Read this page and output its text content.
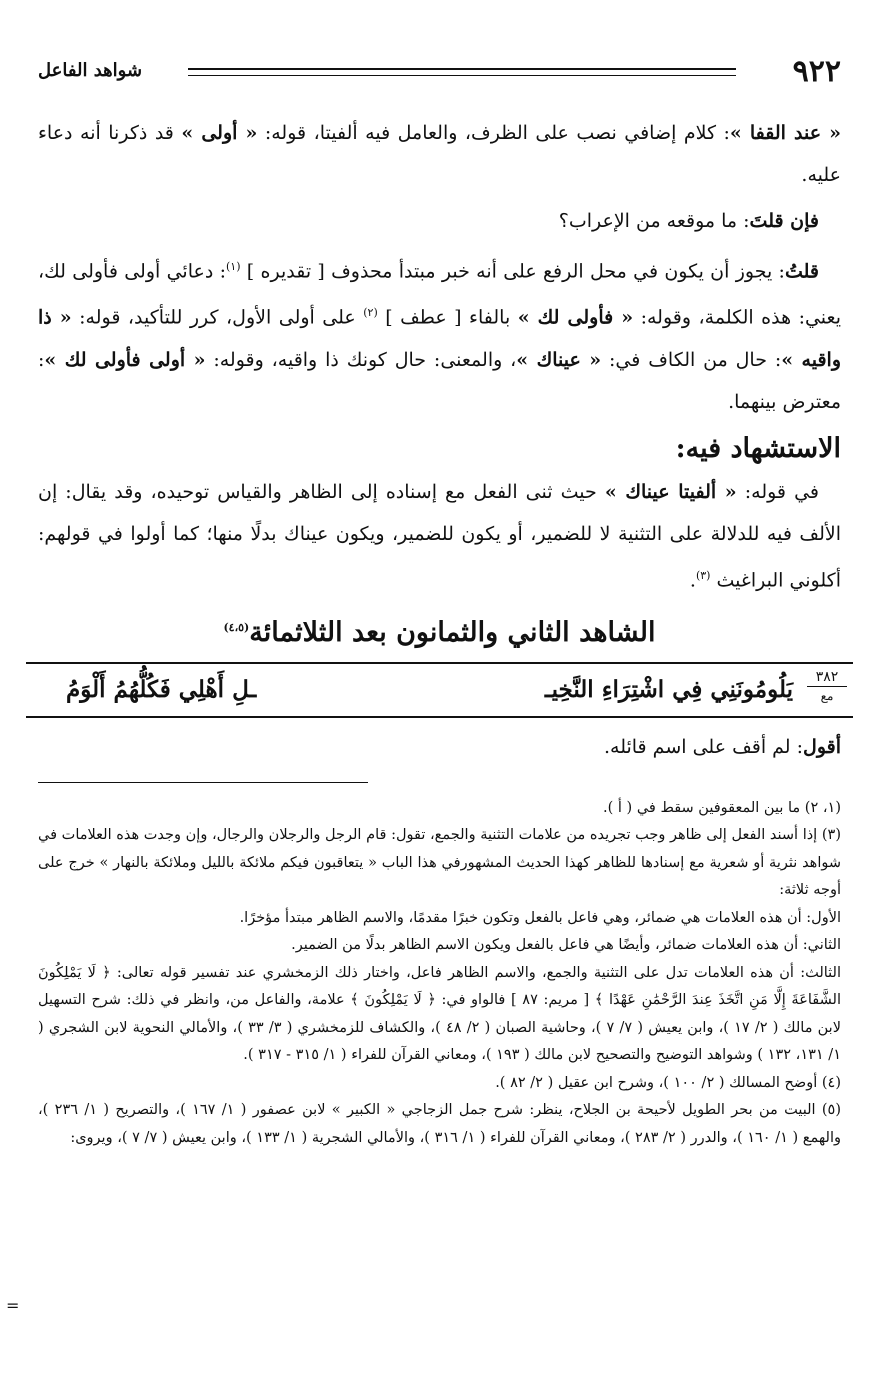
٩٢٢
شواهد الفاعل

« عند القفا »: كلام إضافي نصب على الظرف، والعامل فيه ألفيتا، قوله: « أولى » قد ذكرنا أنه دعاء عليه.

فإن قلتَ: ما موقعه من الإعراب؟

قلتُ: يجوز أن يكون في محل الرفع على أنه خبر مبتدأ محذوف [ تقديره ] $^{(١)}$: دعائي أولى فأولى لك، يعني: هذه الكلمة، وقوله: « فأولى لك » بالفاء [ عطف ] $^{(٢)}$ على أولى الأول، كرر للتأكيد، قوله: « ذا واقيه »: حال من الكاف في: « عيناك »، والمعنى: حال كونك ذا واقيه، وقوله: « أولى فأولى لك »: معترض بينهما.

الاستشهاد فيه:

في قوله: « ألفيتا عيناك » حيث ثنى الفعل مع إسناده إلى الظاهر والقياس توحيده، وقد يقال: إن الألف فيه للدلالة على التثنية لا للضمير، أو يكون للضمير، ويكون عيناك بدلًا منها؛ كما أولوا في قولهم: أكلوني البراغيث $^{(٣)}$.

الشاهد الثاني والثمانون بعد الثلاثمائة$^{(٤،٥)}$
٣٨٢
مع
يَلُومُونَنِي فِي اشْتِرَاءِ النَّخِيـ
ـلِ أَهْلِي فَكُلُّهُمُ أَلْوَمُ

أقول: لم أقف على اسم قائله.

(١، ٢) ما بين المعقوفين سقط في ( أ ).

(٣) إذا أسند الفعل إلى ظاهر وجب تجريده من علامات التثنية والجمع، تقول: قام الرجل والرجلان والرجال، وإن وجدت هذه العلامات في شواهد نثرية أو شعرية مع إسنادها للظاهر كهذا الحديث المشهورفي هذا الباب « يتعاقبون فيكم ملائكة بالليل وملائكة بالنهار » خرج على أوجه ثلاثة:

الأول: أن هذه العلامات هي ضمائر، وهي فاعل بالفعل وتكون خبرًا مقدمًا، والاسم الظاهر مبتدأ مؤخرًا.

الثاني: أن هذه العلامات ضمائر، وأيضًا هي فاعل بالفعل ويكون الاسم الظاهر بدلًا من الضمير.

الثالث: أن هذه العلامات تدل على التثنية والجمع، والاسم الظاهر فاعل، واختار ذلك الزمخشري عند تفسير قوله تعالى: ﴿ لَا يَمْلِكُونَ الشَّفَاعَةَ إِلَّا مَنِ اتَّخَذَ عِندَ الرَّحْمَٰنِ عَهْدًا ﴾ [ مريم: ٨٧ ] فالواو في: ﴿ لَا يَمْلِكُونَ ﴾ علامة، والفاعل من، وانظر في ذلك: شرح التسهيل لابن مالك ( ٢/ ١٧ )، وابن يعيش ( ٧/ ٧ )، وحاشية الصبان ( ٢/ ٤٨ )، والكشاف للزمخشري ( ٣/ ٣٣ )، والأمالي النحوية لابن الشجري ( ١/ ١٣١، ١٣٢ ) وشواهد التوضيح والتصحيح لابن مالك ( ١٩٣ )، ومعاني القرآن للفراء ( ١/ ٣١٥ - ٣١٧ ).

(٤) أوضح المسالك ( ٢/ ١٠٠ )، وشرح ابن عقيل ( ٢/ ٨٢ ).

(٥) البيت من بحر الطويل لأحيحة بن الجلاح، ينظر: شرح جمل الزجاجي « الكبير » لابن عصفور ( ١/ ١٦٧ )، والتصريح ( ١/ ٢٣٦ )، والهمع ( ١/ ١٦٠ )، والدرر ( ٢/ ٢٨٣ )، ومعاني القرآن للفراء ( ١/ ٣١٦ )، والأمالي الشجرية ( ١/ ١٣٣ )، وابن يعيش ( ٧/ ٧ )، ويروى:

=
